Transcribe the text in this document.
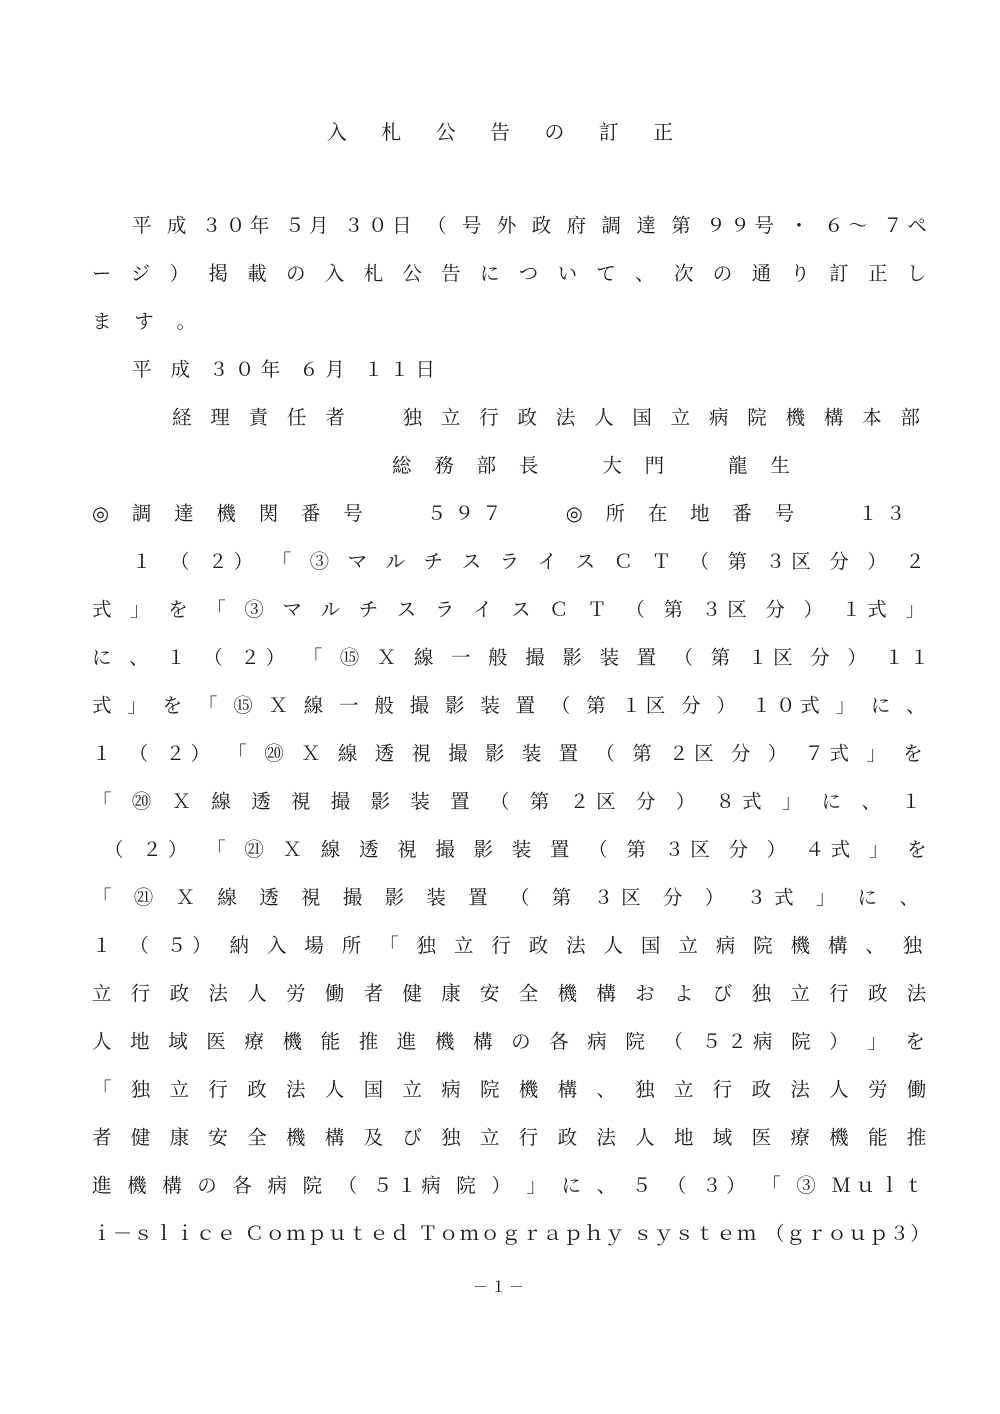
入 札 公 告 の 訂 正
平 成 ３０年 ５月 ３０日 （ 号 外 政 府 調 達 第 ９９号 ・ ６～ ７ペ
ー ジ ） 掲 載 の 入 札 公 告 に つ い て 、 次 の 通 り 訂 正 し
ま す 。
平 成 ３０年 ６月 １１日
経 理 責 任 者　　独 立 行 政 法 人 国 立 病 院 機 構 本 部
総 務 部 長　　大 門　　龍 生
◎ 調 達 機 関 番 号　　５９７　　◎ 所 在 地 番 号　　１３
１ （ ２） 「 ③ マ ル チ ス ラ イ ス Ｃ Ｔ （ 第 ３区 分 ） ２
式 」 を 「 ③ マ ル チ ス ラ イ ス Ｃ Ｔ （ 第 ３区 分 ） １式 」
に 、 １ （ ２） 「 ⑮ Ｘ 線 一 般 撮 影 装 置 （ 第 １区 分 ） １１
式 」 を 「 ⑮ Ｘ 線 一 般 撮 影 装 置 （ 第 １区 分 ） １０式 」 に 、
１ （ ２） 「 ⑳ Ｘ 線 透 視 撮 影 装 置 （ 第 ２区 分 ） ７式 」 を
「 ⑳ Ｘ 線 透 視 撮 影 装 置 （ 第 ２区 分 ） ８式 」 に 、 １
（ ２） 「 ㉑ Ｘ 線 透 視 撮 影 装 置 （ 第 ３区 分 ） ４式 」 を
「 ㉑ Ｘ 線 透 視 撮 影 装 置 （ 第 ３区 分 ） ３式 」 に 、
１ （ ５） 納 入 場 所 「 独 立 行 政 法 人 国 立 病 院 機 構 、 独
立 行 政 法 人 労 働 者 健 康 安 全 機 構 お よ び 独 立 行 政 法
人 地 域 医 療 機 能 推 進 機 構 の 各 病 院 （ ５２病 院 ） 」 を
「 独 立 行 政 法 人 国 立 病 院 機 構 、 独 立 行 政 法 人 労 働
者 健 康 安 全 機 構 及 び 独 立 行 政 法 人 地 域 医 療 機 能 推
進 機 構 の 各 病 院 （ ５１病 院 ） 」 に 、 ５ （ ３） 「 ③ Ｍｕｌｔ
ｉ－ｓｌｉｃｅ Ｃｏｍｐｕｔｅｄ Ｔｏｍｏｇｒａｐｈｙ ｓｙｓｔｅｍ （ｇｒｏｕｐ３）
－１－
